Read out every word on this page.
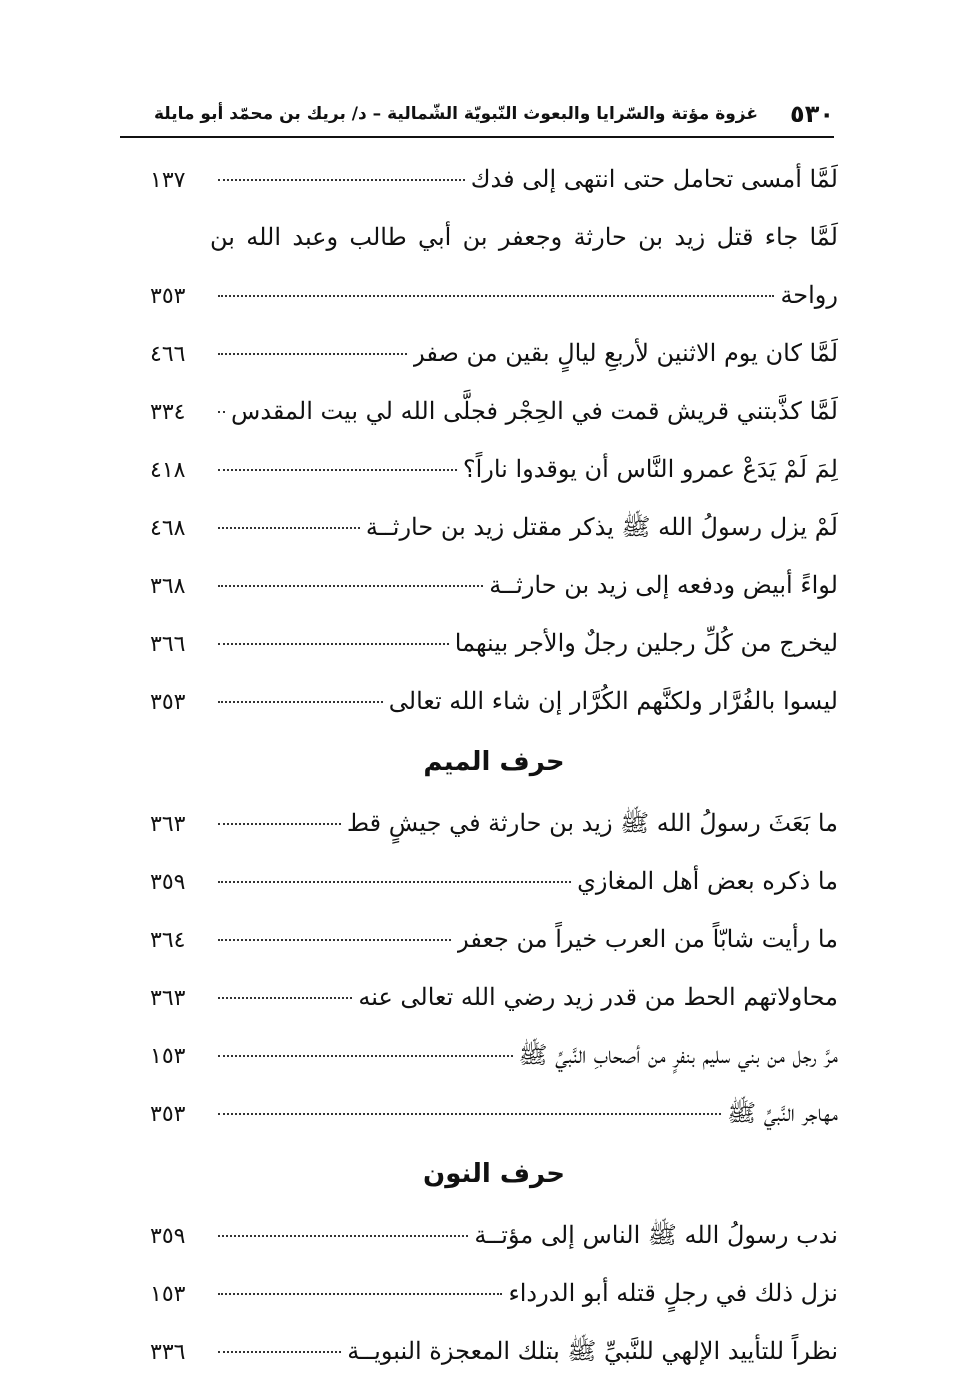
٥٣٠
غزوة مؤتة والسّرايا والبعوث النّبويّة الشّمالية – د/ بريك بن محمّد أبو مايلة
لَمَّا أمسى تحامل حتى انتهى إلى فدك
١٣٧
لَمَّا جاء قتل زيد بن حارثة وجعفر بن أبي طالب وعبد الله بن
رواحة
٣٥٣
لَمَّا كان يوم الاثنين لأربعِ ليالٍ بقين من صفر
٤٦٦
لَمَّا كذَّبتني قريش قمت في الحِجْر فجلَّى الله لي بيت المقدس
٣٣٤
لِمَ لَمْ يَدَعْ عمرو النَّاس أن يوقدوا ناراً؟
٤١٨
لَمْ يزل رسولُ الله ﷺ يذكر مقتل زيد بن حارثــة
٤٦٨
لواءً أبيض ودفعه إلى زيد بن حارثــة
٣٦٨
ليخرج من كُلِّ رجلين رجلٌ والأجر بينهما
٣٦٦
ليسوا بالفُرَّار ولكنَّهم الكُرَّار إن شاء الله تعالى
٣٥٣
حرف الميم
ما بَعَثَ رسولُ الله ﷺ زيد بن حارثة في جيشٍ قط
٣٦٣
ما ذكره بعض أهل المغازي
٣٥٩
ما رأيت شابّاً من العرب خيراً من جعفر
٣٦٤
محاولاتهم الحط من قدر زيد رضي الله تعالى عنه
٣٦٣
مرَّ رجل من بني سليم بنفرٍ من أصحابِ النَّبيِّ ﷺ
١٥٣
مهاجر النَّبيِّ ﷺ
٣٥٣
حرف النون
ندب رسولُ الله ﷺ الناس إلى مؤتــة
٣٥٩
نزل ذلك في رجلٍ قتله أبو الدرداء
١٥٣
نظراً للتأييد الإلهي للنَّبيِّ ﷺ بتلك المعجزة النبويــة
٣٣٦
